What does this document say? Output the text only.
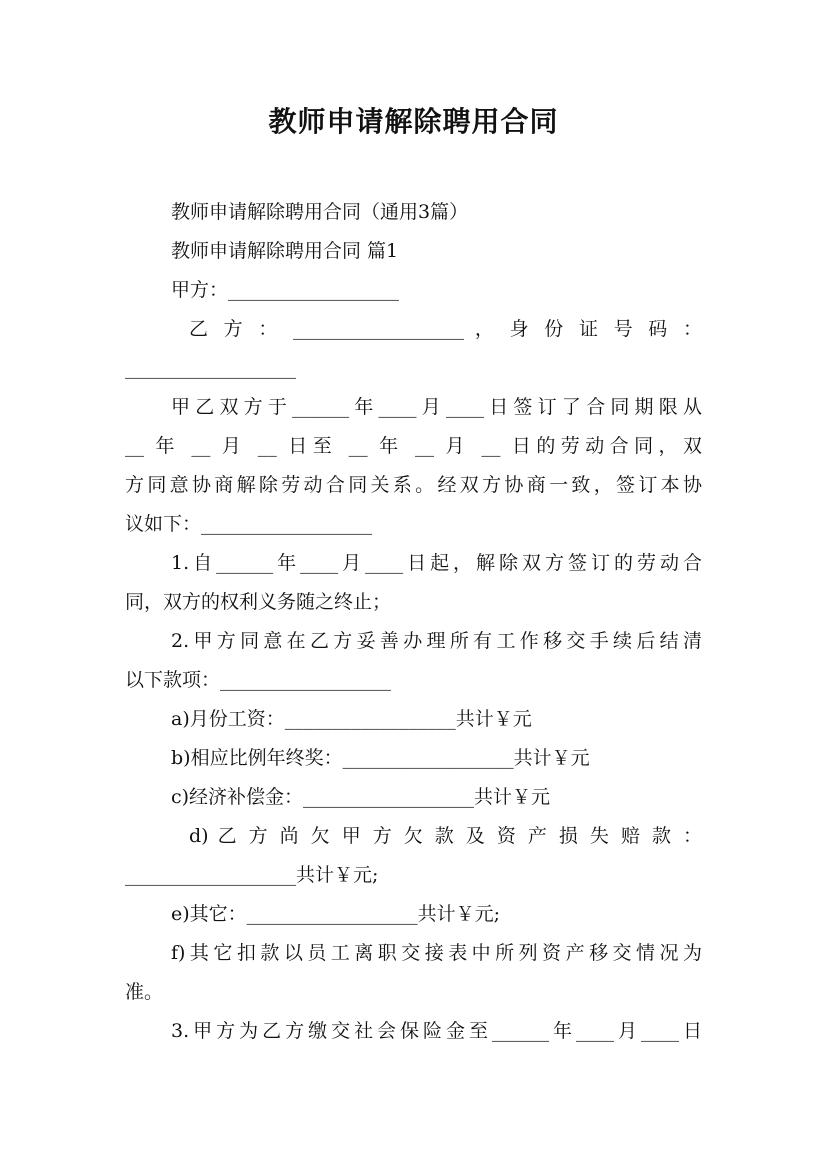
教师申请解除聘用合同
教师申请解除聘用合同（通用3篇）
教师申请解除聘用合同 篇1
甲方：__________________
乙 方 ： __________________ ， 身 份 证 号 码 ：
__________________
甲乙双方于______年____月____日签订了合同期限从
__ 年 __ 月 __ 日至 __ 年 __ 月 __ 日的劳动合同，双
方同意协商解除劳动合同关系。经双方协商一致，签订本协
议如下：__________________
1.自______年____月____日起，解除双方签订的劳动合
同，双方的权利义务随之终止；
2.甲方同意在乙方妥善办理所有工作移交手续后结清
以下款项：__________________
a)月份工资：__________________共计￥元
b)相应比例年终奖：__________________共计￥元
c)经济补偿金：__________________共计￥元
d) 乙 方 尚 欠 甲 方 欠 款 及 资 产 损 失 赔 款 ：
__________________共计￥元;
e)其它：__________________共计￥元;
f)其它扣款以员工离职交接表中所列资产移交情况为
准。
3.甲方为乙方缴交社会保险金至______年____月____日
